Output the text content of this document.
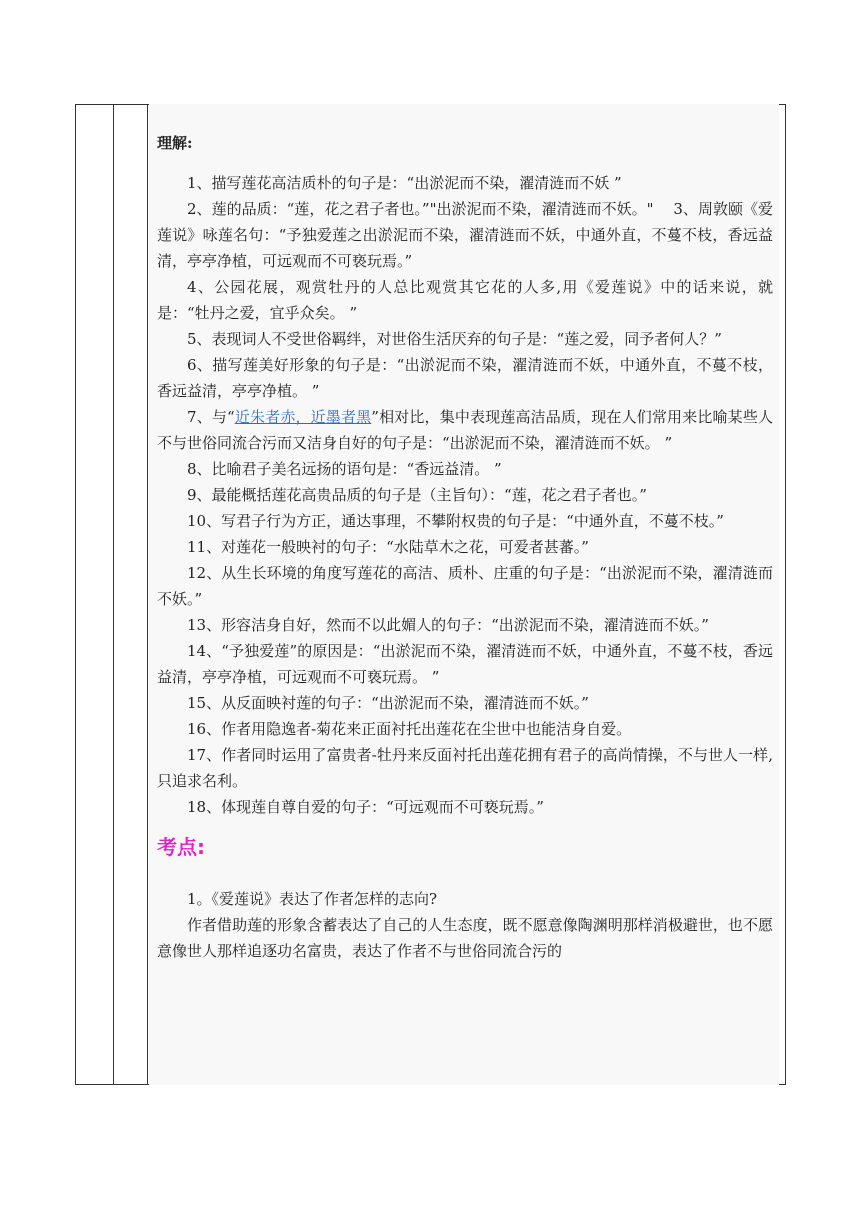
理解:

1、描写莲花高洁质朴的句子是：“出淤泥而不染，濯清涟而不妖 ”

2、莲的品质：“莲，花之君子者也。”"出淤泥而不染，濯清涟而不妖。"　 3、周敦颐《爱莲说》咏莲名句：“予独爱莲之出淤泥而不染，濯清涟而不妖，中通外直，不蔓不枝，香远益清，亭亭净植，可远观而不可亵玩焉。”

4、公园花展，观赏牡丹的人总比观赏其它花的人多,用《爱莲说》中的话来说，就是：“牡丹之爱，宜乎众矣。 ”

5、表现词人不受世俗羁绊，对世俗生活厌弃的句子是：“莲之爱，同予者何人？”

6、描写莲美好形象的句子是：“出淤泥而不染，濯清涟而不妖，中通外直，不蔓不枝，香远益清，亭亭净植。 ”

7、与“近朱者赤，近墨者黑”相对比，集中表现莲高洁品质，现在人们常用来比喻某些人不与世俗同流合污而又洁身自好的句子是：“出淤泥而不染，濯清涟而不妖。 ”

8、比喻君子美名远扬的语句是：“香远益清。 ”

9、最能概括莲花高贵品质的句子是（主旨句）：“莲，花之君子者也。”

10、写君子行为方正，通达事理，不攀附权贵的句子是：“中通外直，不蔓不枝。”

11、对莲花一般映衬的句子：“水陆草木之花，可爱者甚蕃。”

12、从生长环境的角度写莲花的高洁、质朴、庄重的句子是：“出淤泥而不染，濯清涟而不妖。”

13、形容洁身自好，然而不以此媚人的句子：“出淤泥而不染，濯清涟而不妖。”

14、“予独爱莲”的原因是：“出淤泥而不染，濯清涟而不妖，中通外直，不蔓不枝，香远益清，亭亭净植，可远观而不可亵玩焉。 ”

15、从反面映衬莲的句子：“出淤泥而不染，濯清涟而不妖。”

16、作者用隐逸者-菊花来正面衬托出莲花在尘世中也能洁身自爱。

17、作者同时运用了富贵者-牡丹来反面衬托出莲花拥有君子的高尚情操，不与世人一样,只追求名利。

18、体现莲自尊自爱的句子：“可远观而不可亵玩焉。”

考点:

1。《爱莲说》表达了作者怎样的志向?

作者借助莲的形象含蓄表达了自己的人生态度，既不愿意像陶渊明那样消极避世，也不愿意像世人那样追逐功名富贵，表达了作者不与世俗同流合污的
